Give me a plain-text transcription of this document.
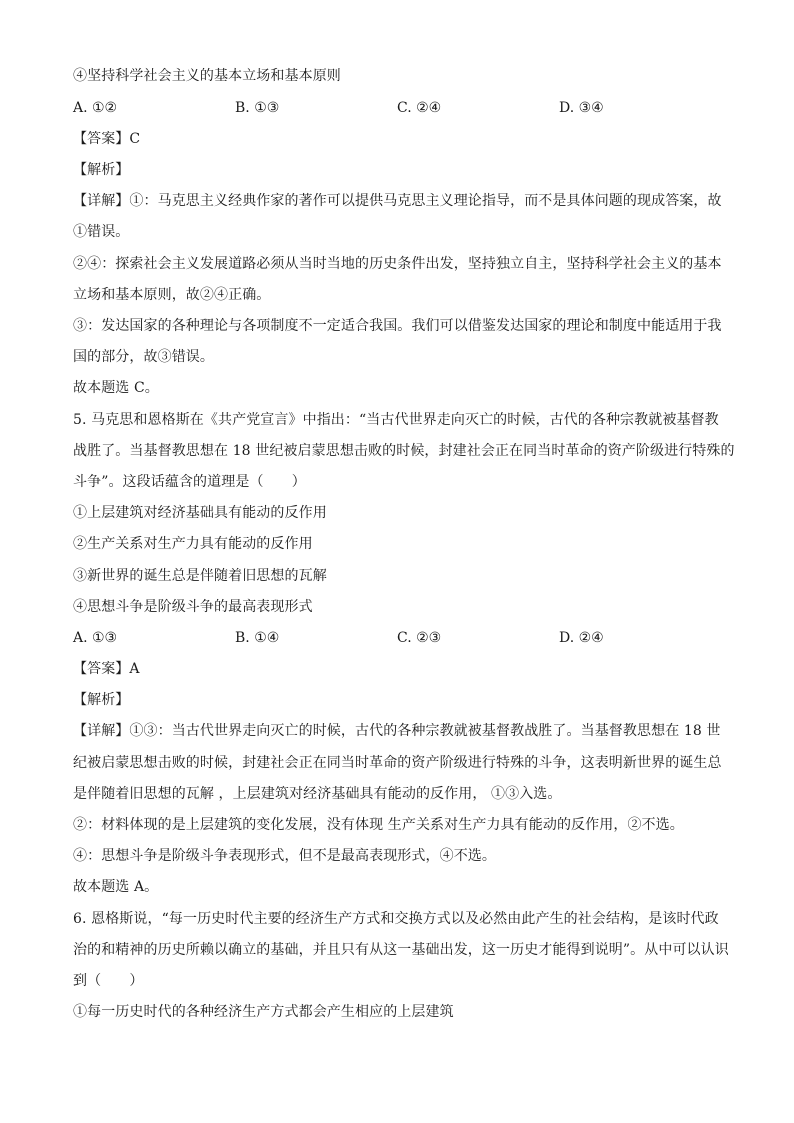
④坚持科学社会主义的基本立场和基本原则
A. ①②	B. ①③	C. ②④	D. ③④
【答案】C
【解析】
【详解】①：马克思主义经典作家的著作可以提供马克思主义理论指导，而不是具体问题的现成答案，故
①错误。
②④：探索社会主义发展道路必须从当时当地的历史条件出发，坚持独立自主，坚持科学社会主义的基本
立场和基本原则，故②④正确。
③：发达国家的各种理论与各项制度不一定适合我国。我们可以借鉴发达国家的理论和制度中能适用于我
国的部分，故③错误。
故本题选 C。
5. 马克思和恩格斯在《共产党宣言》中指出：“当古代世界走向灭亡的时候，古代的各种宗教就被基督教
战胜了。当基督教思想在 18 世纪被启蒙思想击败的时候，封建社会正在同当时革命的资产阶级进行特殊的
斗争”。这段话蕴含的道理是（　　）
①上层建筑对经济基础具有能动的反作用
②生产关系对生产力具有能动的反作用
③新世界的诞生总是伴随着旧思想的瓦解
④思想斗争是阶级斗争的最高表现形式
A. ①③	B. ①④	C. ②③	D. ②④
【答案】A
【解析】
【详解】①③：当古代世界走向灭亡的时候，古代的各种宗教就被基督教战胜了。当基督教思想在 18 世
纪被启蒙思想击败的时候，封建社会正在同当时革命的资产阶级进行特殊的斗争，这表明新世界的诞生总
是伴随着旧思想的瓦解 ，上层建筑对经济基础具有能动的反作用， ①③入选。
②：材料体现的是上层建筑的变化发展，没有体现 生产关系对生产力具有能动的反作用，②不选。
④：思想斗争是阶级斗争表现形式，但不是最高表现形式，④不选。
故本题选 A。
6. 恩格斯说，“每一历史时代主要的经济生产方式和交换方式以及必然由此产生的社会结构，是该时代政
治的和精神的历史所赖以确立的基础，并且只有从这一基础出发，这一历史才能得到说明”。从中可以认识
到（　　）
①每一历史时代的各种经济生产方式都会产生相应的上层建筑
